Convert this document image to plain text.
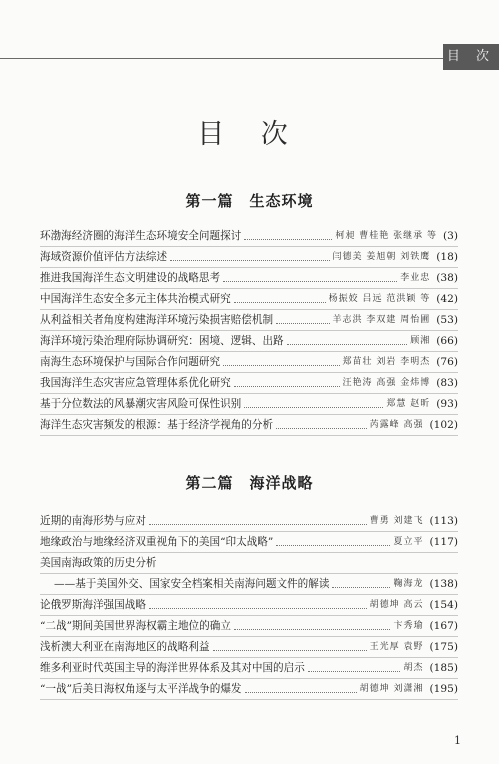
目 次
目 次
第一篇 生态环境
环渤海经济圈的海洋生态环境安全问题探讨	柯昶 曹桂艳 张继承 等 (3)
海域资源价值评估方法综述	闫德美 姜旭朝 刘铁鹰 (18)
推进我国海洋生态文明建设的战略思考	李业忠 (38)
中国海洋生态安全多元主体共治模式研究	杨振姣 吕远 范洪颖 等 (42)
从利益相关者角度构建海洋环境污染损害赔偿机制	羊志洪 李双建 周怡圃 (53)
海洋环境污染治理府际协调研究：困境、逻辑、出路	顾湘 (66)
南海生态环境保护与国际合作问题研究	郑苗壮 刘岩 李明杰 (76)
我国海洋生态灾害应急管理体系优化研究	汪艳涛 高强 金炜博 (83)
基于分位数法的风暴潮灾害风险可保性识别	郑慧 赵昕 (93)
海洋生态灾害频发的根源：基于经济学视角的分析	芮露峰 高强 (102)
第二篇 海洋战略
近期的南海形势与应对	曹勇 刘建飞 (113)
地缘政治与地缘经济双重视角下的美国“印太战略”	夏立平 (117)
美国南海政策的历史分析
——基于美国外交、国家安全档案相关南海问题文件的解读	鞠海龙 (138)
论俄罗斯海洋强国战略	胡德坤 高云 (154)
“二战”期间美国世界海权霸主地位的确立	卞秀瑜 (167)
浅析澳大利亚在南海地区的战略利益	王光厚 袁野 (175)
维多利亚时代英国主导的海洋世界体系及其对中国的启示	胡杰 (185)
“一战”后美日海权角逐与太平洋战争的爆发	胡德坤 刘潇湘 (195)
1
